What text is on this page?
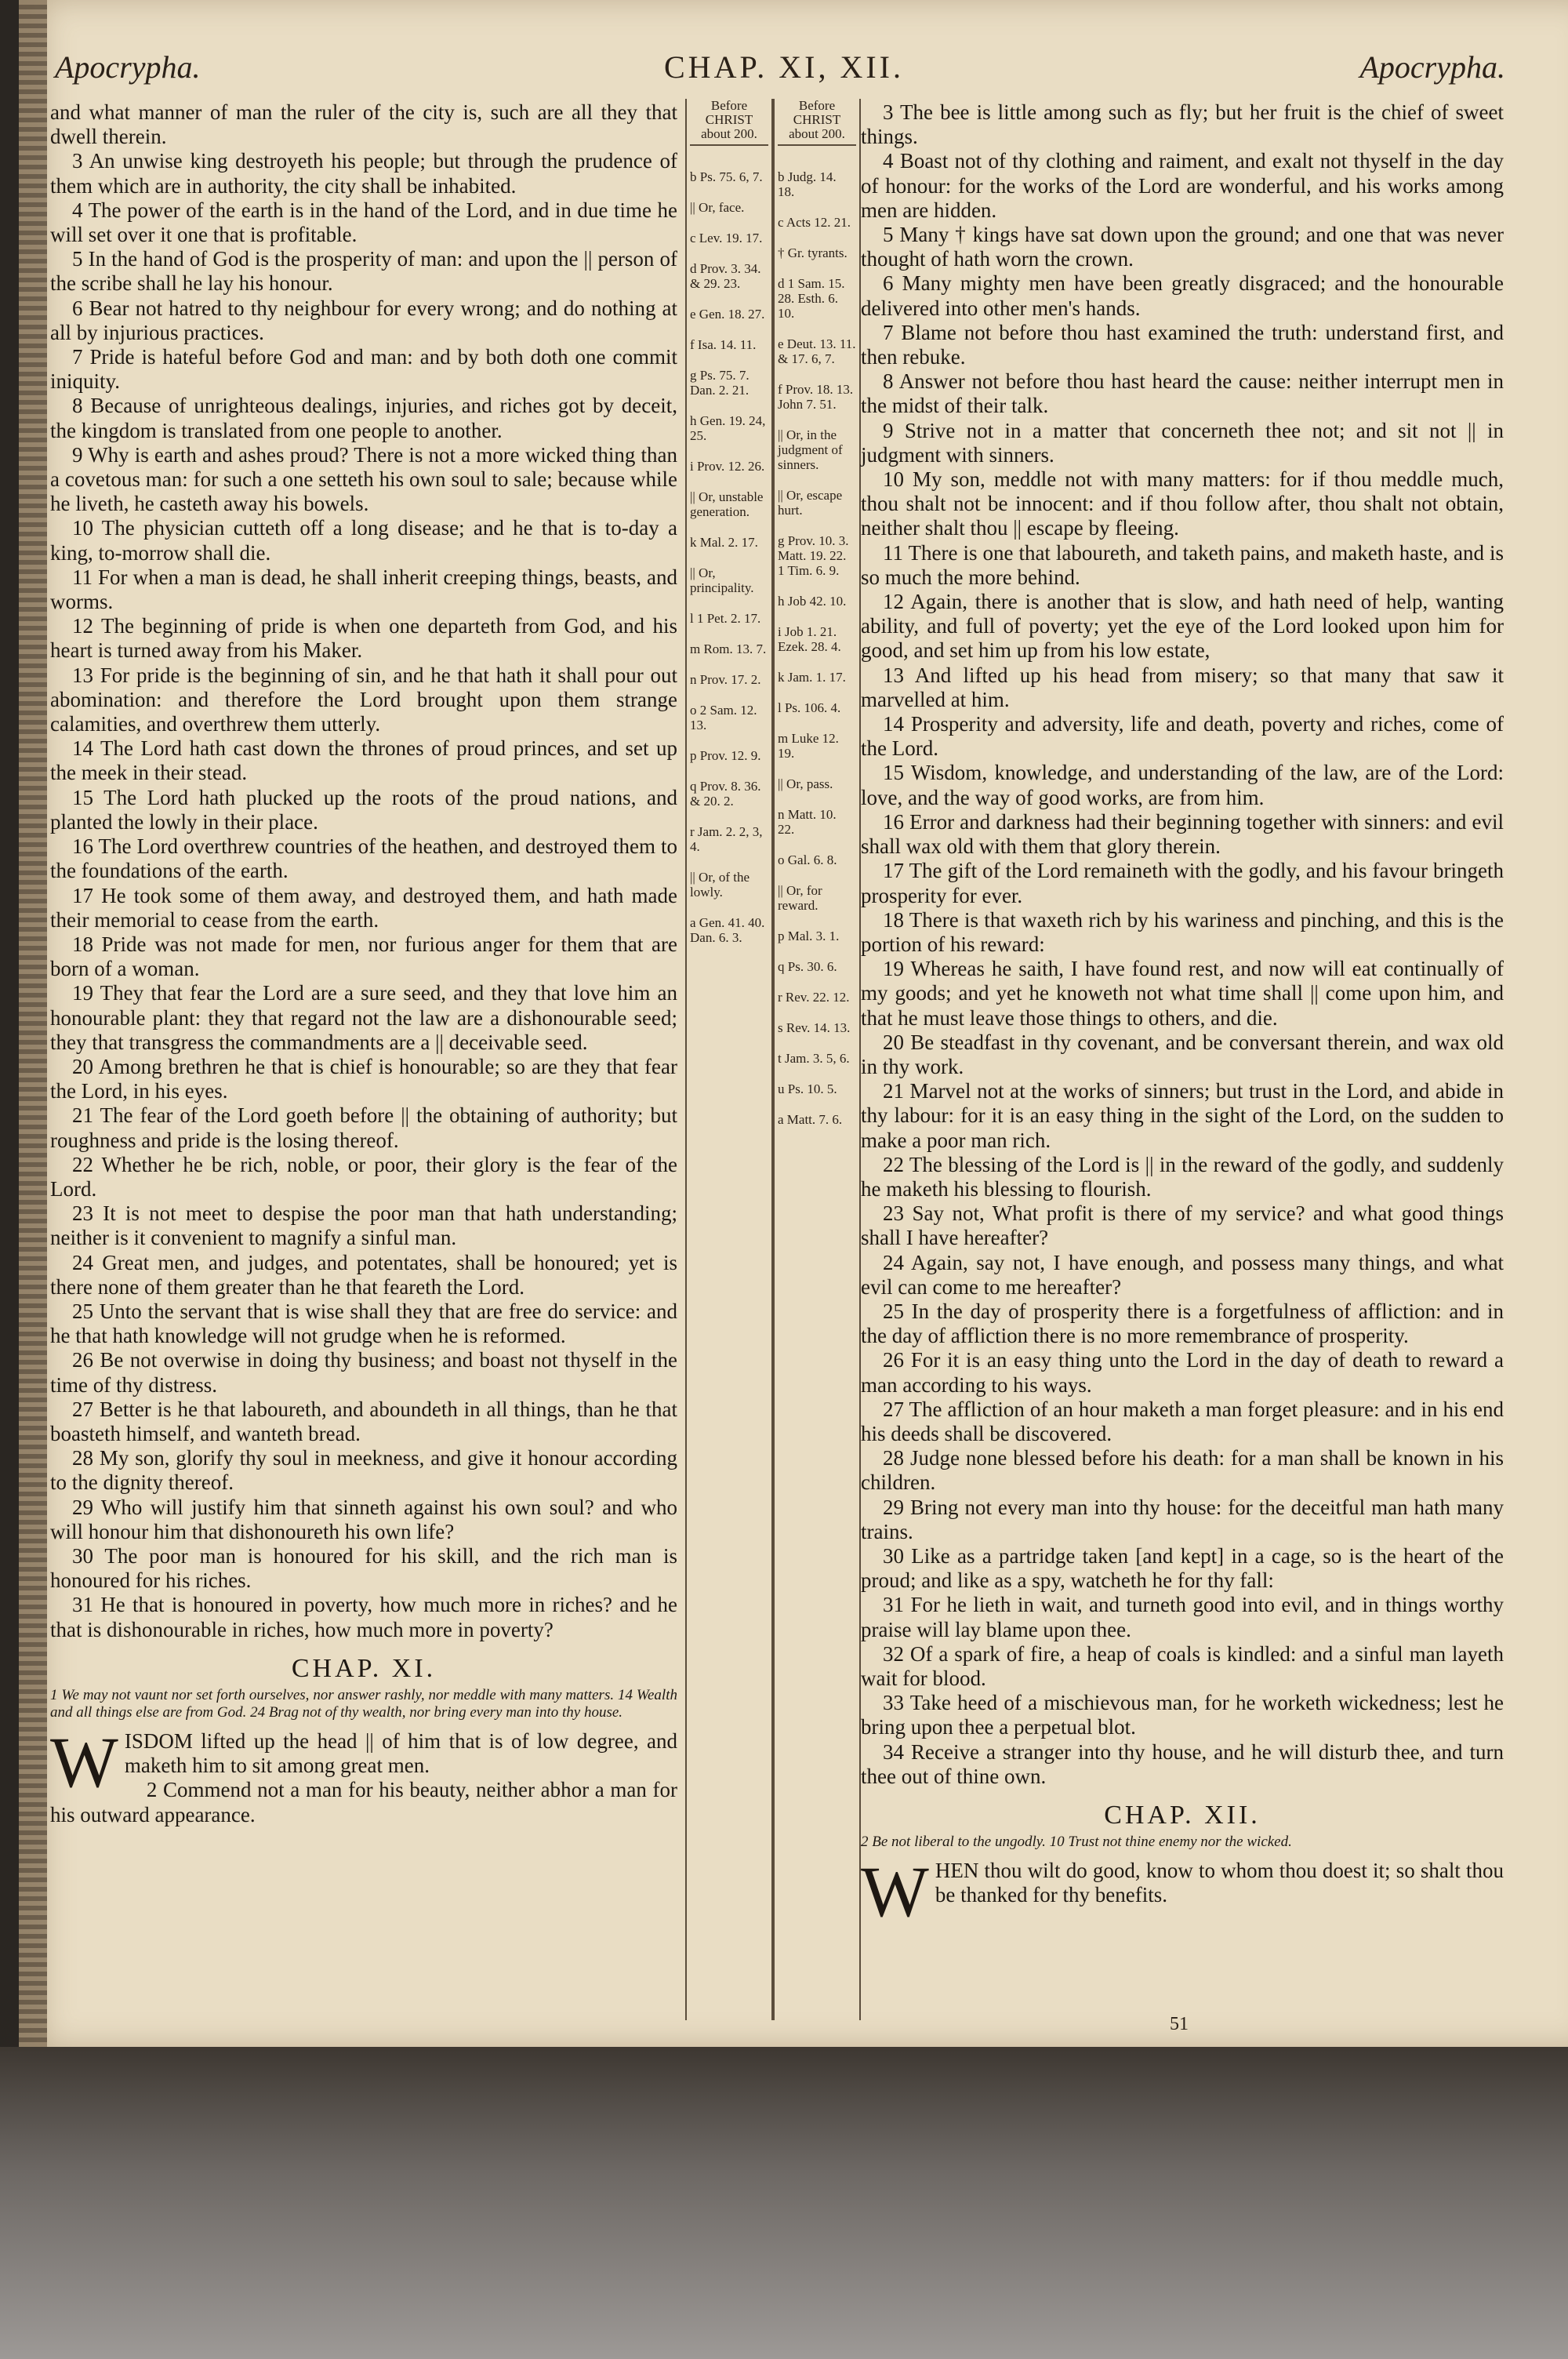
Apocrypha.	CHAP. XI, XII.	Apocrypha.

and what manner of man the ruler of the city is, such are all they that dwell therein.

3 An unwise king destroyeth his people; but through the prudence of them which are in authority, the city shall be inhabited.

4 The power of the earth is in the hand of the Lord, and in due time he will set over it one that is profitable.

5 In the hand of God is the prosperity of man: and upon the || person of the scribe shall he lay his honour.

6 Bear not hatred to thy neighbour for every wrong; and do nothing at all by injurious practices.

7 Pride is hateful before God and man: and by both doth one commit iniquity.

8 Because of unrighteous dealings, injuries, and riches got by deceit, the kingdom is translated from one people to another.

9 Why is earth and ashes proud? There is not a more wicked thing than a covetous man: for such a one setteth his own soul to sale; because while he liveth, he casteth away his bowels.

10 The physician cutteth off a long disease; and he that is to-day a king, to-morrow shall die.

11 For when a man is dead, he shall inherit creeping things, beasts, and worms.

12 The beginning of pride is when one departeth from God, and his heart is turned away from his Maker.

13 For pride is the beginning of sin, and he that hath it shall pour out abomination: and therefore the Lord brought upon them strange calamities, and overthrew them utterly.

14 The Lord hath cast down the thrones of proud princes, and set up the meek in their stead.

15 The Lord hath plucked up the roots of the proud nations, and planted the lowly in their place.

16 The Lord overthrew countries of the heathen, and destroyed them to the foundations of the earth.

17 He took some of them away, and destroyed them, and hath made their memorial to cease from the earth.

18 Pride was not made for men, nor furious anger for them that are born of a woman.

19 They that fear the Lord are a sure seed, and they that love him an honourable plant: they that regard not the law are a dishonourable seed; they that transgress the commandments are a || deceivable seed.

20 Among brethren he that is chief is honourable; so are they that fear the Lord, in his eyes.

21 The fear of the Lord goeth before || the obtaining of authority; but roughness and pride is the losing thereof.

22 Whether he be rich, noble, or poor, their glory is the fear of the Lord.

23 It is not meet to despise the poor man that hath understanding; neither is it convenient to magnify a sinful man.

24 Great men, and judges, and potentates, shall be honoured; yet is there none of them greater than he that feareth the Lord.

25 Unto the servant that is wise shall they that are free do service: and he that hath knowledge will not grudge when he is reformed.

26 Be not overwise in doing thy business; and boast not thyself in the time of thy distress.

27 Better is he that laboureth, and aboundeth in all things, than he that boasteth himself, and wanteth bread.

28 My son, glorify thy soul in meekness, and give it honour according to the dignity thereof.

29 Who will justify him that sinneth against his own soul? and who will honour him that dishonoureth his own life?

30 The poor man is honoured for his skill, and the rich man is honoured for his riches.

31 He that is honoured in poverty, how much more in riches? and he that is dishonourable in riches, how much more in poverty?

CHAP. XI.
1 We may not vaunt nor set forth ourselves, nor answer rashly, nor meddle with many matters. 14 Wealth and all things else are from God. 24 Brag not of thy wealth, nor bring every man into thy house.

WISDOM lifted up the head || of him that is of low degree, and maketh him to sit among great men.

2 Commend not a man for his beauty, neither abhor a man for his outward appearance.

Before CHRIST about 200.
b Ps. 75. 6, 7.
|| Or, face.
c Lev. 19. 17.
d Prov. 3. 34. & 29. 23.
e Gen. 18. 27.
f Isa. 14. 11.
g Ps. 75. 7. Dan. 2. 21.
h Gen. 19. 24, 25.
i Prov. 12. 26.
|| Or, unstable generation.
k Mal. 2. 17.
|| Or, principality.
l 1 Pet. 2. 17.
m Rom. 13. 7.
n Prov. 17. 2.
o 2 Sam. 12. 13.
p Prov. 12. 9.
q Prov. 8. 36. & 20. 2.
r Jam. 2. 2, 3, 4.
|| Or, of the lowly.
a Gen. 41. 40. Dan. 6. 3.
Before CHRIST about 200.
b Judg. 14. 18.
c Acts 12. 21.
† Gr. tyrants.
d 1 Sam. 15. 28. Esth. 6. 10.
e Deut. 13. 11. & 17. 6, 7.
f Prov. 18. 13. John 7. 51.
|| Or, in the judgment of sinners.
|| Or, escape hurt.
g Prov. 10. 3. Matt. 19. 22. 1 Tim. 6. 9.
h Job 42. 10.
i Job 1. 21. Ezek. 28. 4.
k Jam. 1. 17.
l Ps. 106. 4.
m Luke 12. 19.
|| Or, pass.
n Matt. 10. 22.
o Gal. 6. 8.
|| Or, for reward.
p Mal. 3. 1.
q Ps. 30. 6.
r Rev. 22. 12.
s Rev. 14. 13.
t Jam. 3. 5, 6.
u Ps. 10. 5.
a Matt. 7. 6.

3 The bee is little among such as fly; but her fruit is the chief of sweet things.

4 Boast not of thy clothing and raiment, and exalt not thyself in the day of honour: for the works of the Lord are wonderful, and his works among men are hidden.

5 Many † kings have sat down upon the ground; and one that was never thought of hath worn the crown.

6 Many mighty men have been greatly disgraced; and the honourable delivered into other men's hands.

7 Blame not before thou hast examined the truth: understand first, and then rebuke.

8 Answer not before thou hast heard the cause: neither interrupt men in the midst of their talk.

9 Strive not in a matter that concerneth thee not; and sit not || in judgment with sinners.

10 My son, meddle not with many matters: for if thou meddle much, thou shalt not be innocent: and if thou follow after, thou shalt not obtain, neither shalt thou || escape by fleeing.

11 There is one that laboureth, and taketh pains, and maketh haste, and is so much the more behind.

12 Again, there is another that is slow, and hath need of help, wanting ability, and full of poverty; yet the eye of the Lord looked upon him for good, and set him up from his low estate,

13 And lifted up his head from misery; so that many that saw it marvelled at him.

14 Prosperity and adversity, life and death, poverty and riches, come of the Lord.

15 Wisdom, knowledge, and understanding of the law, are of the Lord: love, and the way of good works, are from him.

16 Error and darkness had their beginning together with sinners: and evil shall wax old with them that glory therein.

17 The gift of the Lord remaineth with the godly, and his favour bringeth prosperity for ever.

18 There is that waxeth rich by his wariness and pinching, and this is the portion of his reward:

19 Whereas he saith, I have found rest, and now will eat continually of my goods; and yet he knoweth not what time shall || come upon him, and that he must leave those things to others, and die.

20 Be steadfast in thy covenant, and be conversant therein, and wax old in thy work.

21 Marvel not at the works of sinners; but trust in the Lord, and abide in thy labour: for it is an easy thing in the sight of the Lord, on the sudden to make a poor man rich.

22 The blessing of the Lord is || in the reward of the godly, and suddenly he maketh his blessing to flourish.

23 Say not, What profit is there of my service? and what good things shall I have hereafter?

24 Again, say not, I have enough, and possess many things, and what evil can come to me hereafter?

25 In the day of prosperity there is a forgetfulness of affliction: and in the day of affliction there is no more remembrance of prosperity.

26 For it is an easy thing unto the Lord in the day of death to reward a man according to his ways.

27 The affliction of an hour maketh a man forget pleasure: and in his end his deeds shall be discovered.

28 Judge none blessed before his death: for a man shall be known in his children.

29 Bring not every man into thy house: for the deceitful man hath many trains.

30 Like as a partridge taken [and kept] in a cage, so is the heart of the proud; and like as a spy, watcheth he for thy fall:

31 For he lieth in wait, and turneth good into evil, and in things worthy praise will lay blame upon thee.

32 Of a spark of fire, a heap of coals is kindled: and a sinful man layeth wait for blood.

33 Take heed of a mischievous man, for he worketh wickedness; lest he bring upon thee a perpetual blot.

34 Receive a stranger into thy house, and he will disturb thee, and turn thee out of thine own.

CHAP. XII.
2 Be not liberal to the ungodly. 10 Trust not thine enemy nor the wicked.

WHEN thou wilt do good, know to whom thou doest it; so shalt thou be thanked for thy benefits.

51
